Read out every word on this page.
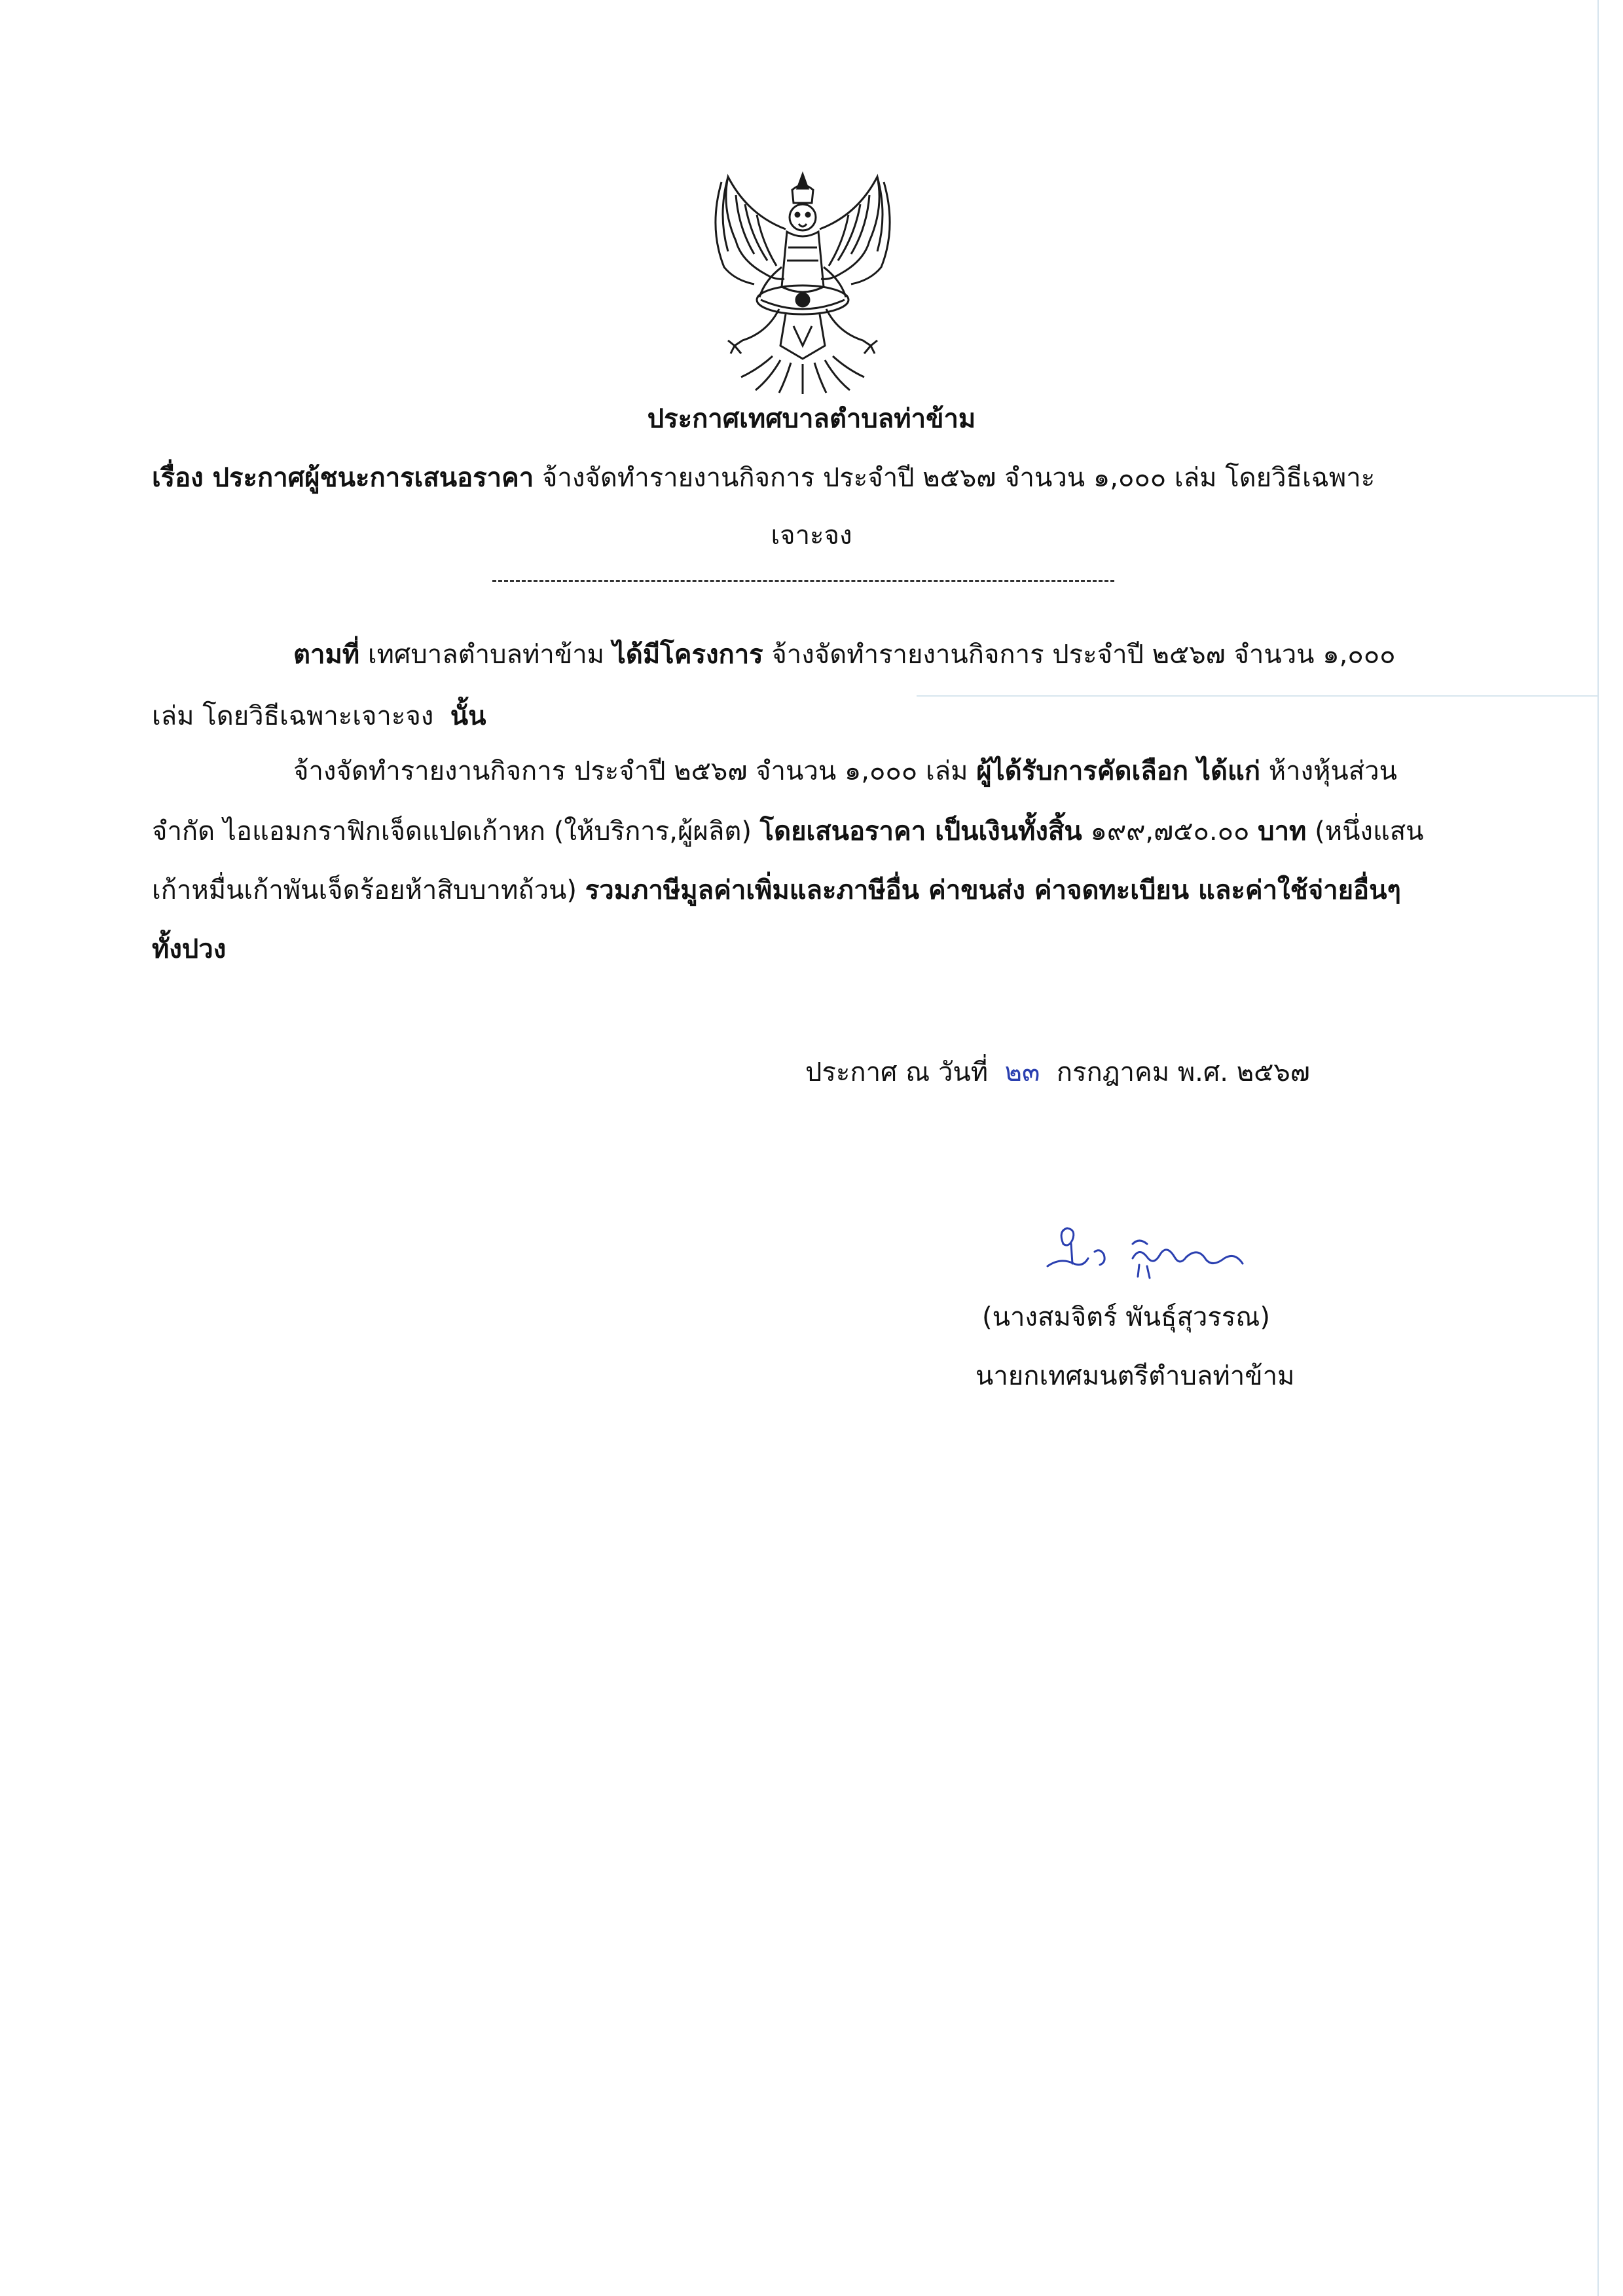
ประกาศเทศบาลตำบลท่าข้าม
เรื่อง ประกาศผู้ชนะการเสนอราคา จ้างจัดทำรายงานกิจการ ประจำปี ๒๕๖๗ จำนวน ๑,๐๐๐ เล่ม โดยวิธีเฉพาะ
เจาะจง
ตามที่ เทศบาลตำบลท่าข้าม ได้มีโครงการ จ้างจัดทำรายงานกิจการ ประจำปี ๒๕๖๗ จำนวน ๑,๐๐๐
เล่ม โดยวิธีเฉพาะเจาะจง นั้น
จ้างจัดทำรายงานกิจการ ประจำปี ๒๕๖๗ จำนวน ๑,๐๐๐ เล่ม ผู้ได้รับการคัดเลือก ได้แก่ ห้างหุ้นส่วน
จำกัด ไอแอมกราฟิกเจ็ดแปดเก้าหก (ให้บริการ,ผู้ผลิต) โดยเสนอราคา เป็นเงินทั้งสิ้น ๑๙๙,๗๕๐.๐๐ บาท (หนึ่งแสน
เก้าหมื่นเก้าพันเจ็ดร้อยห้าสิบบาทถ้วน) รวมภาษีมูลค่าเพิ่มและภาษีอื่น ค่าขนส่ง ค่าจดทะเบียน และค่าใช้จ่ายอื่นๆ
ทั้งปวง
ประกาศ ณ วันที่ ๒๓ กรกฎาคม พ.ศ. ๒๕๖๗
(นางสมจิตร์ พันธุ์สุวรรณ)
นายกเทศมนตรีตำบลท่าข้าม
